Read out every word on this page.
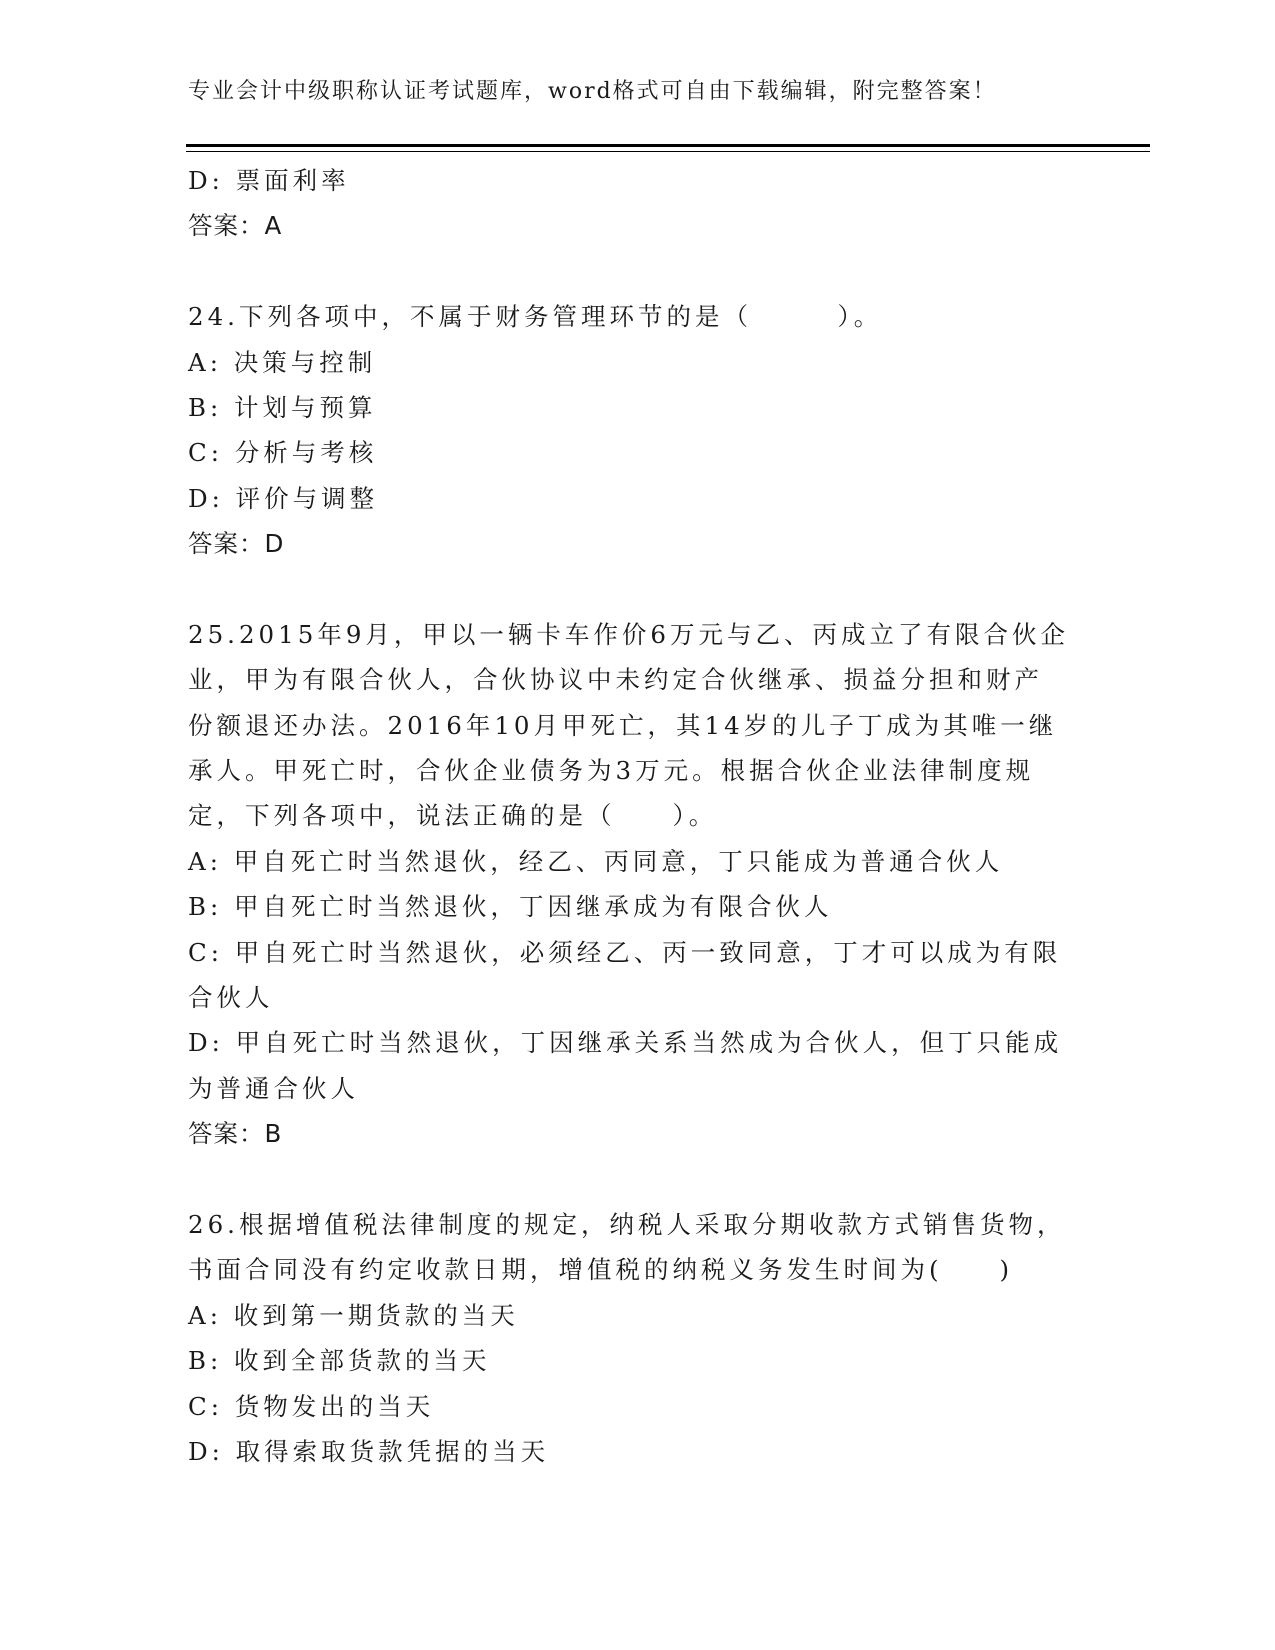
专业会计中级职称认证考试题库，word格式可自由下载编辑，附完整答案！
D: 票面利率
答案：A
24.下列各项中，不属于财务管理环节的是（　　　）。
A: 决策与控制
B: 计划与预算
C: 分析与考核
D: 评价与调整
答案：D
25.2015年9月，甲以一辆卡车作价6万元与乙、丙成立了有限合伙企
业，甲为有限合伙人，合伙协议中未约定合伙继承、损益分担和财产
份额退还办法。2016年10月甲死亡，其14岁的儿子丁成为其唯一继
承人。甲死亡时，合伙企业债务为3万元。根据合伙企业法律制度规
定，下列各项中，说法正确的是（　　）。
A: 甲自死亡时当然退伙，经乙、丙同意，丁只能成为普通合伙人
B: 甲自死亡时当然退伙，丁因继承成为有限合伙人
C: 甲自死亡时当然退伙，必须经乙、丙一致同意，丁才可以成为有限
合伙人
D: 甲自死亡时当然退伙，丁因继承关系当然成为合伙人，但丁只能成
为普通合伙人
答案：B
26.根据增值税法律制度的规定，纳税人采取分期收款方式销售货物，
书面合同没有约定收款日期，增值税的纳税义务发生时间为(　　)
A: 收到第一期货款的当天
B: 收到全部货款的当天
C: 货物发出的当天
D: 取得索取货款凭据的当天
